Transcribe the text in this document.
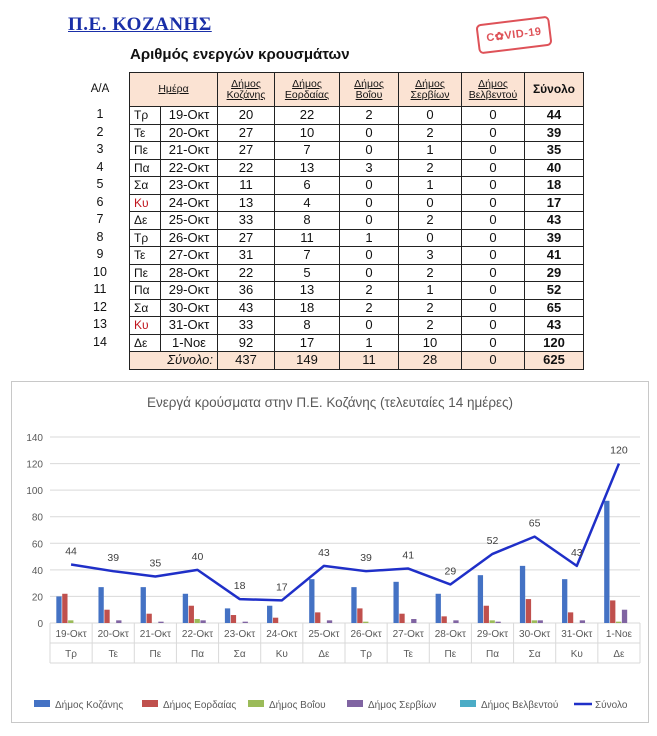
Π.Ε. ΚΟΖΑΝΗΣ
Αριθμός ενεργών κρουσμάτων
C✿VID-19
Α/Α
1
2
3
4
5
6
7
8
9
10
11
12
13
14
Ημέρα		Δήμος Κοζάνης	Δήμος Εορδαίας	Δήμος Βοΐου	Δήμος Σερβίων	Δήμος Βελβεντού	Σύνολο
Τρ	19-Οκτ	20	22	2	0	0	44
Τε	20-Οκτ	27	10	0	2	0	39
Πε	21-Οκτ	27	7	0	1	0	35
Πα	22-Οκτ	22	13	3	2	0	40
Σα	23-Οκτ	11	6	0	1	0	18
Κυ	24-Οκτ	13	4	0	0	0	17
Δε	25-Οκτ	33	8	0	2	0	43
Τρ	26-Οκτ	27	11	1	0	0	39
Τε	27-Οκτ	31	7	0	3	0	41
Πε	28-Οκτ	22	5	0	2	0	29
Πα	29-Οκτ	36	13	2	1	0	52
Σα	30-Οκτ	43	18	2	2	0	65
Κυ	31-Οκτ	33	8	0	2	0	43
Δε	1-Νοε	92	17	1	10	0	120
Σύνολο:		437	149	11	28	0	625
Ενεργά κρούσματα στην Π.Ε. Κοζάνης (τελευταίες 14 ημέρες)
0
20
40
60
80
100
120
140
19-Οκτ
Τρ
20-Οκτ
Τε
21-Οκτ
Πε
22-Οκτ
Πα
23-Οκτ
Σα
24-Οκτ
Κυ
25-Οκτ
Δε
26-Οκτ
Τρ
27-Οκτ
Τε
28-Οκτ
Πε
29-Οκτ
Πα
30-Οκτ
Σα
31-Οκτ
Κυ
1-Νοε
Δε
44
39	35
40
18	17
43	39	41
29
52
65
43
120
Δήμος Κοζάνης	Δήμος Εορδαίας	Δήμος Βοΐου	Δήμος Σερβίων	Δήμος Βελβεντού	Σύνολο
